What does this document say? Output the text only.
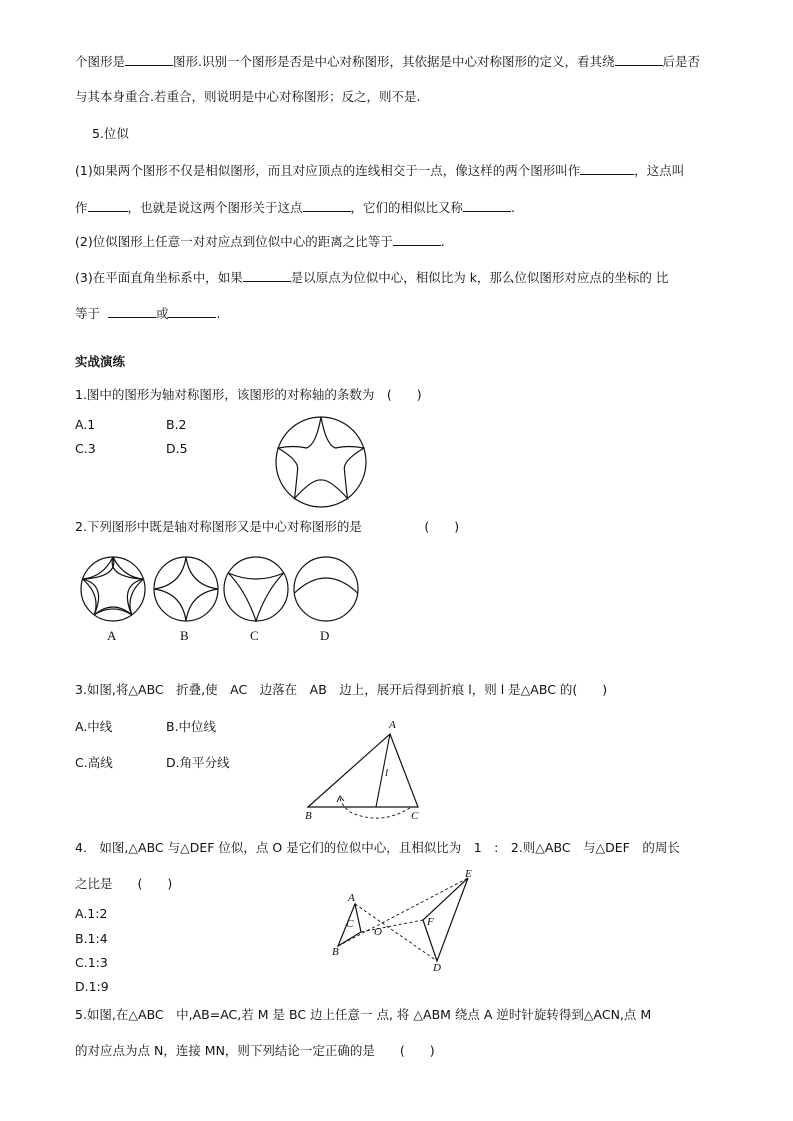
个图形是	图形.识别一个图形是否是中心对称图形，其依据是中心对称图形的定义，看其绕	后是否
与其本身重合.若重合，则说明是中心对称图形；反之，则不是.
5.位似
(1)如果两个图形不仅是相似图形，而且对应顶点的连线相交于一点，像这样的两个图形叫作	，这点叫
作	，也就是说这两个图形关于这点	，它们的相似比又称	.
(2)位似图形上任意一对对应点到位似中心的距离之比等于	.
(3)在平面直角坐标系中，如果	是以原点为位似中心，相似比为 k，那么位似图形对应点的坐标的 比
等于	或	.
实战演练
1.图中的图形为轴对称图形，该图形的对称轴的条数为　(　　)
A.1	B.2
C.3	D.5
2.下列图形中既是轴对称图形又是中心对称图形的是　　　　　(　　)
A	B	C	D
3.如图,将△ABC　折叠,使　AC　边落在　AB　边上，展开后得到折痕 l，则 l 是△ABC 的(　　)
A.中线	B.中位线
C.高线	D.角平分线
A
B	C
l
4.　如图,△ABC 与△DEF 位似，点 O 是它们的位似中心，且相似比为　1　:　2.则△ABC　与△DEF　的周长
之比是　　(　　)
A.1:2
B.1:4
C.1:3
D.1:9
A
B
C
D
E
F
O
5.如图,在△ABC　中,AB=AC,若 M 是 BC 边上任意一 点, 将 △ABM 绕点 A 逆时针旋转得到△ACN,点 M
的对应点为点 N，连接 MN，则下列结论一定正确的是　　(　　)
